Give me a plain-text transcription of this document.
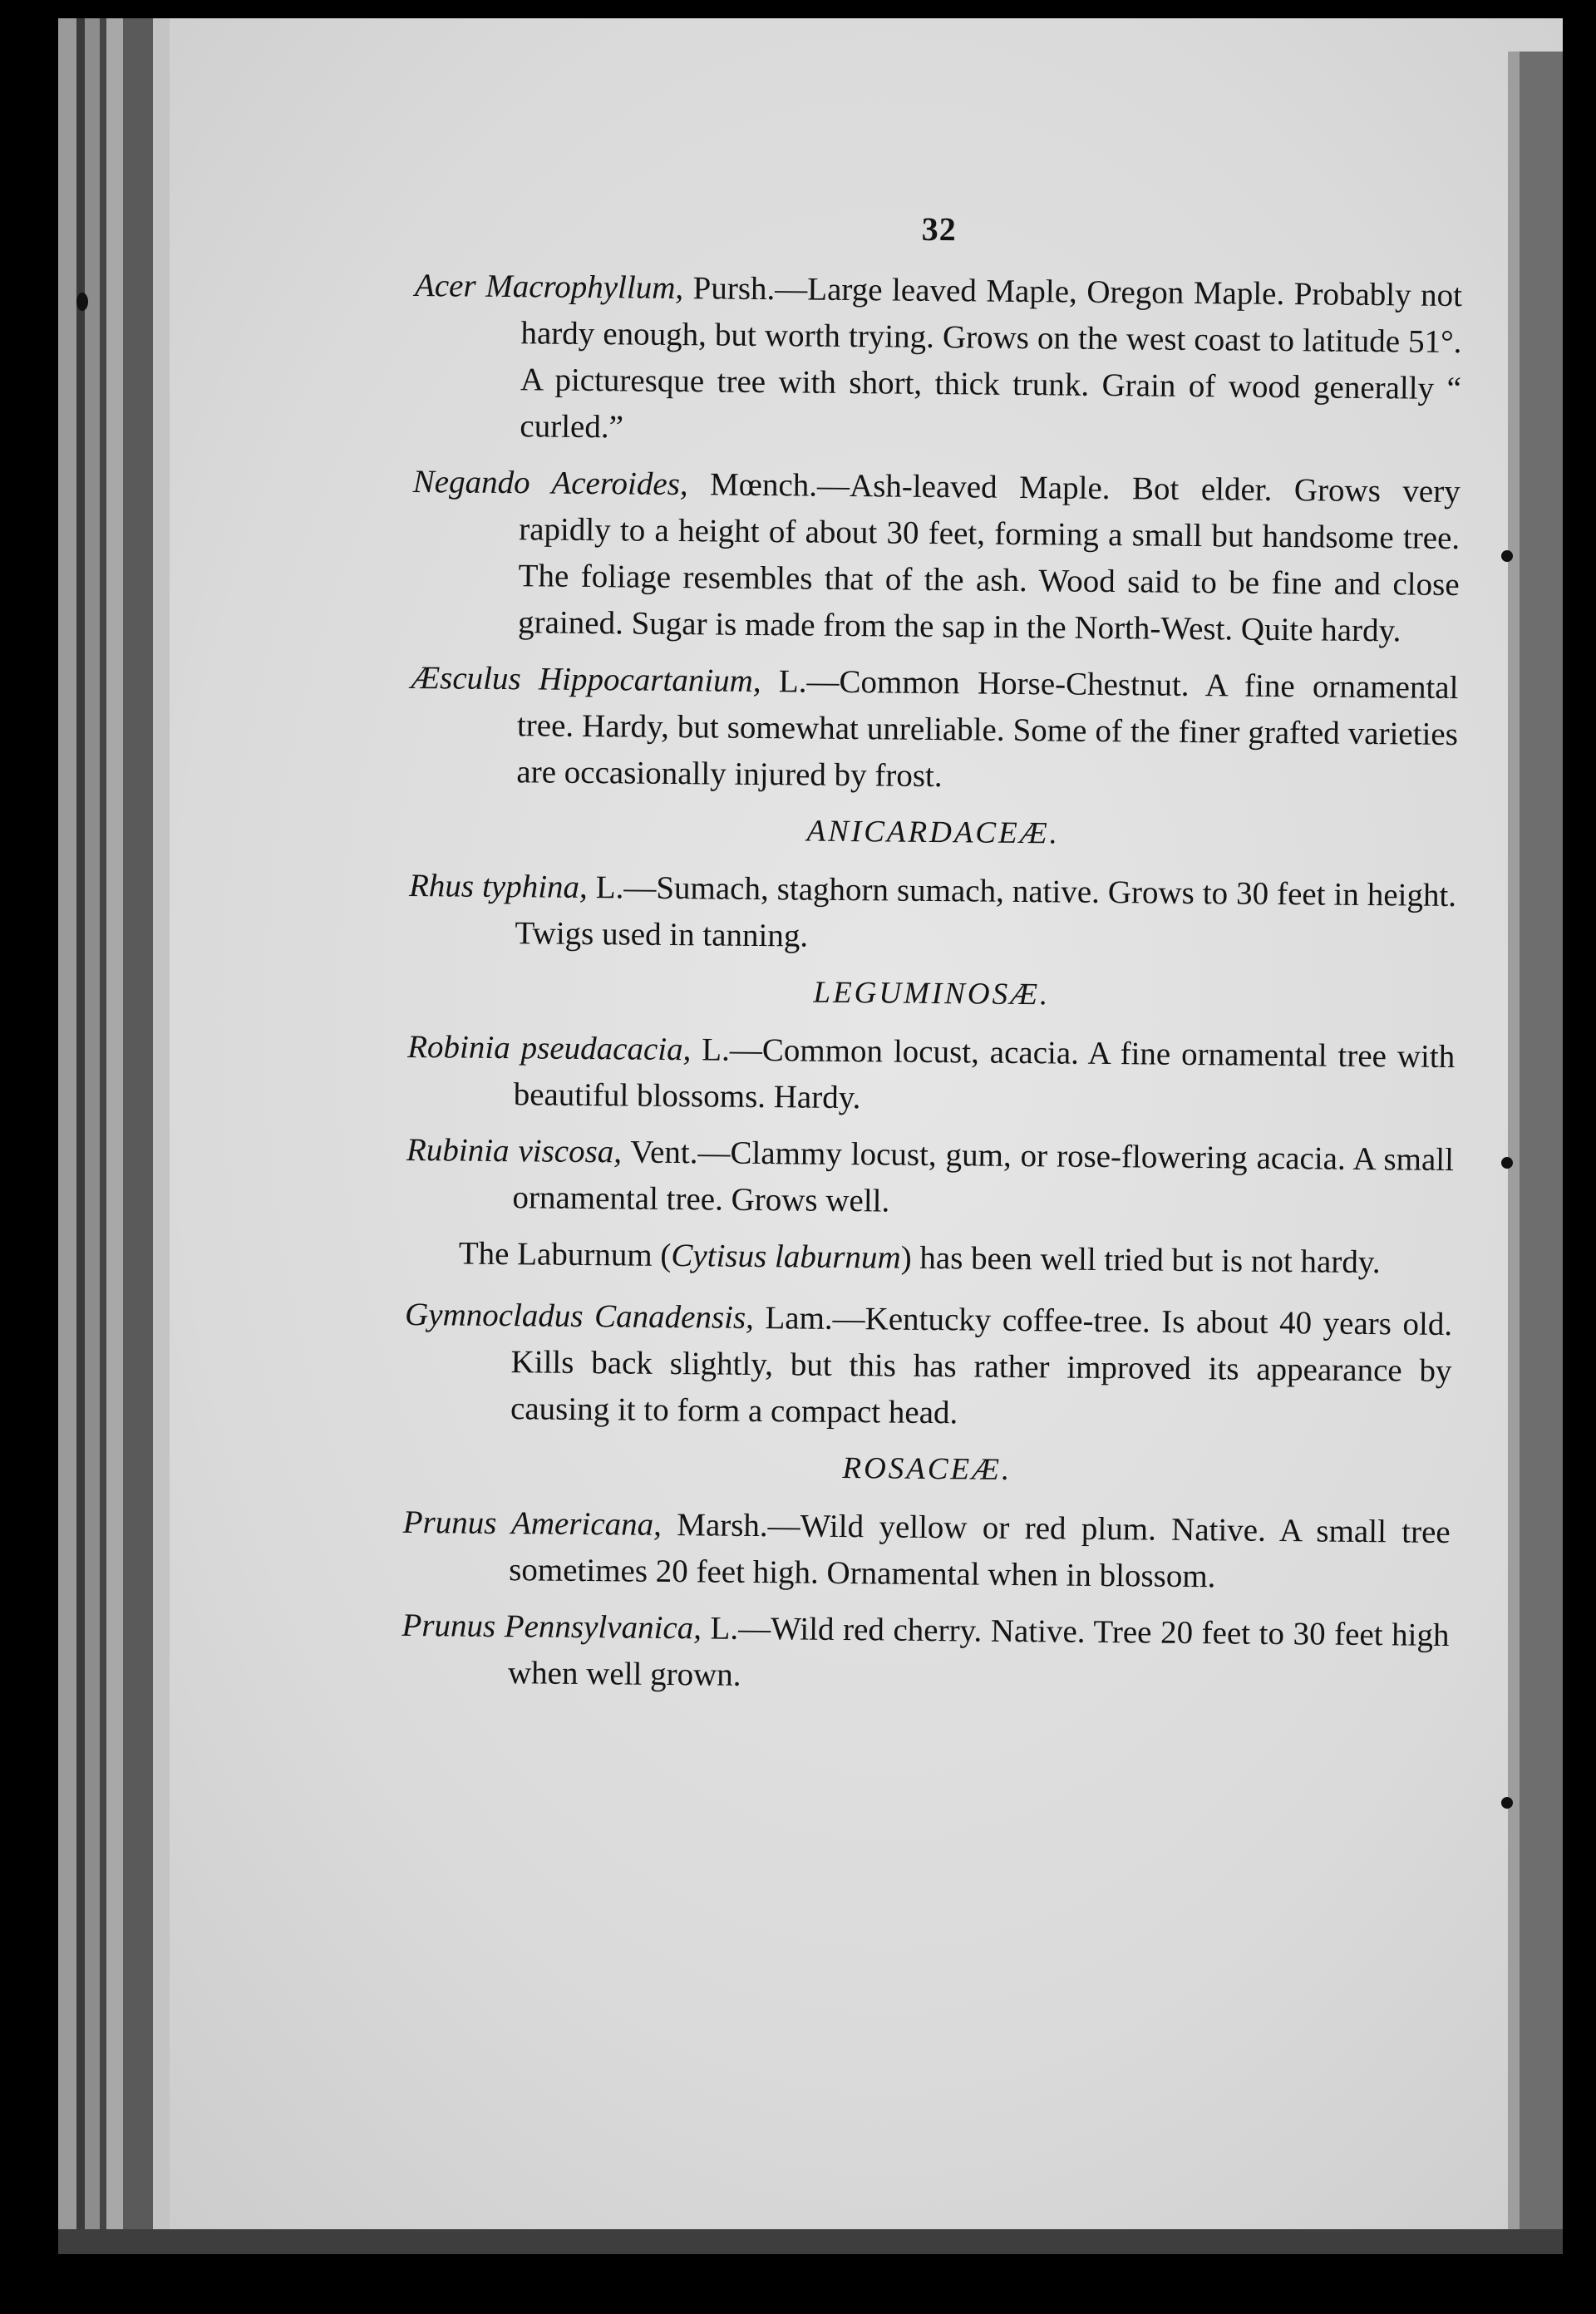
32

Acer Macrophyllum, Pursh.—Large leaved Maple, Oregon Maple. Probably not hardy enough, but worth trying. Grows on the west coast to latitude 51°. A picturesque tree with short, thick trunk. Grain of wood generally “ curled.”

Negando Aceroides, Mœnch.—Ash-leaved Maple. Bot elder. Grows very rapidly to a height of about 30 feet, forming a small but handsome tree. The foliage resembles that of the ash. Wood said to be fine and close grained. Sugar is made from the sap in the North-West. Quite hardy.

Æsculus Hippocartanium, L.—Common Horse-Chestnut. A fine ornamental tree. Hardy, but somewhat unreliable. Some of the finer grafted varieties are occasionally injured by frost.

ANICARDACEÆ.

Rhus typhina, L.—Sumach, staghorn sumach, native. Grows to 30 feet in height. Twigs used in tanning.

LEGUMINOSÆ.

Robinia pseudacacia, L.—Common locust, acacia. A fine ornamental tree with beautiful blossoms. Hardy.

Rubinia viscosa, Vent.—Clammy locust, gum, or rose-flowering acacia. A small ornamental tree. Grows well.

The Laburnum (Cytisus laburnum) has been well tried but is not hardy.

Gymnocladus Canadensis, Lam.—Kentucky coffee-tree. Is about 40 years old. Kills back slightly, but this has rather improved its appearance by causing it to form a compact head.

ROSACEÆ.

Prunus Americana, Marsh.—Wild yellow or red plum. Native. A small tree sometimes 20 feet high. Ornamental when in blossom.

Prunus Pennsylvanica, L.—Wild red cherry. Native. Tree 20 feet to 30 feet high when well grown.
